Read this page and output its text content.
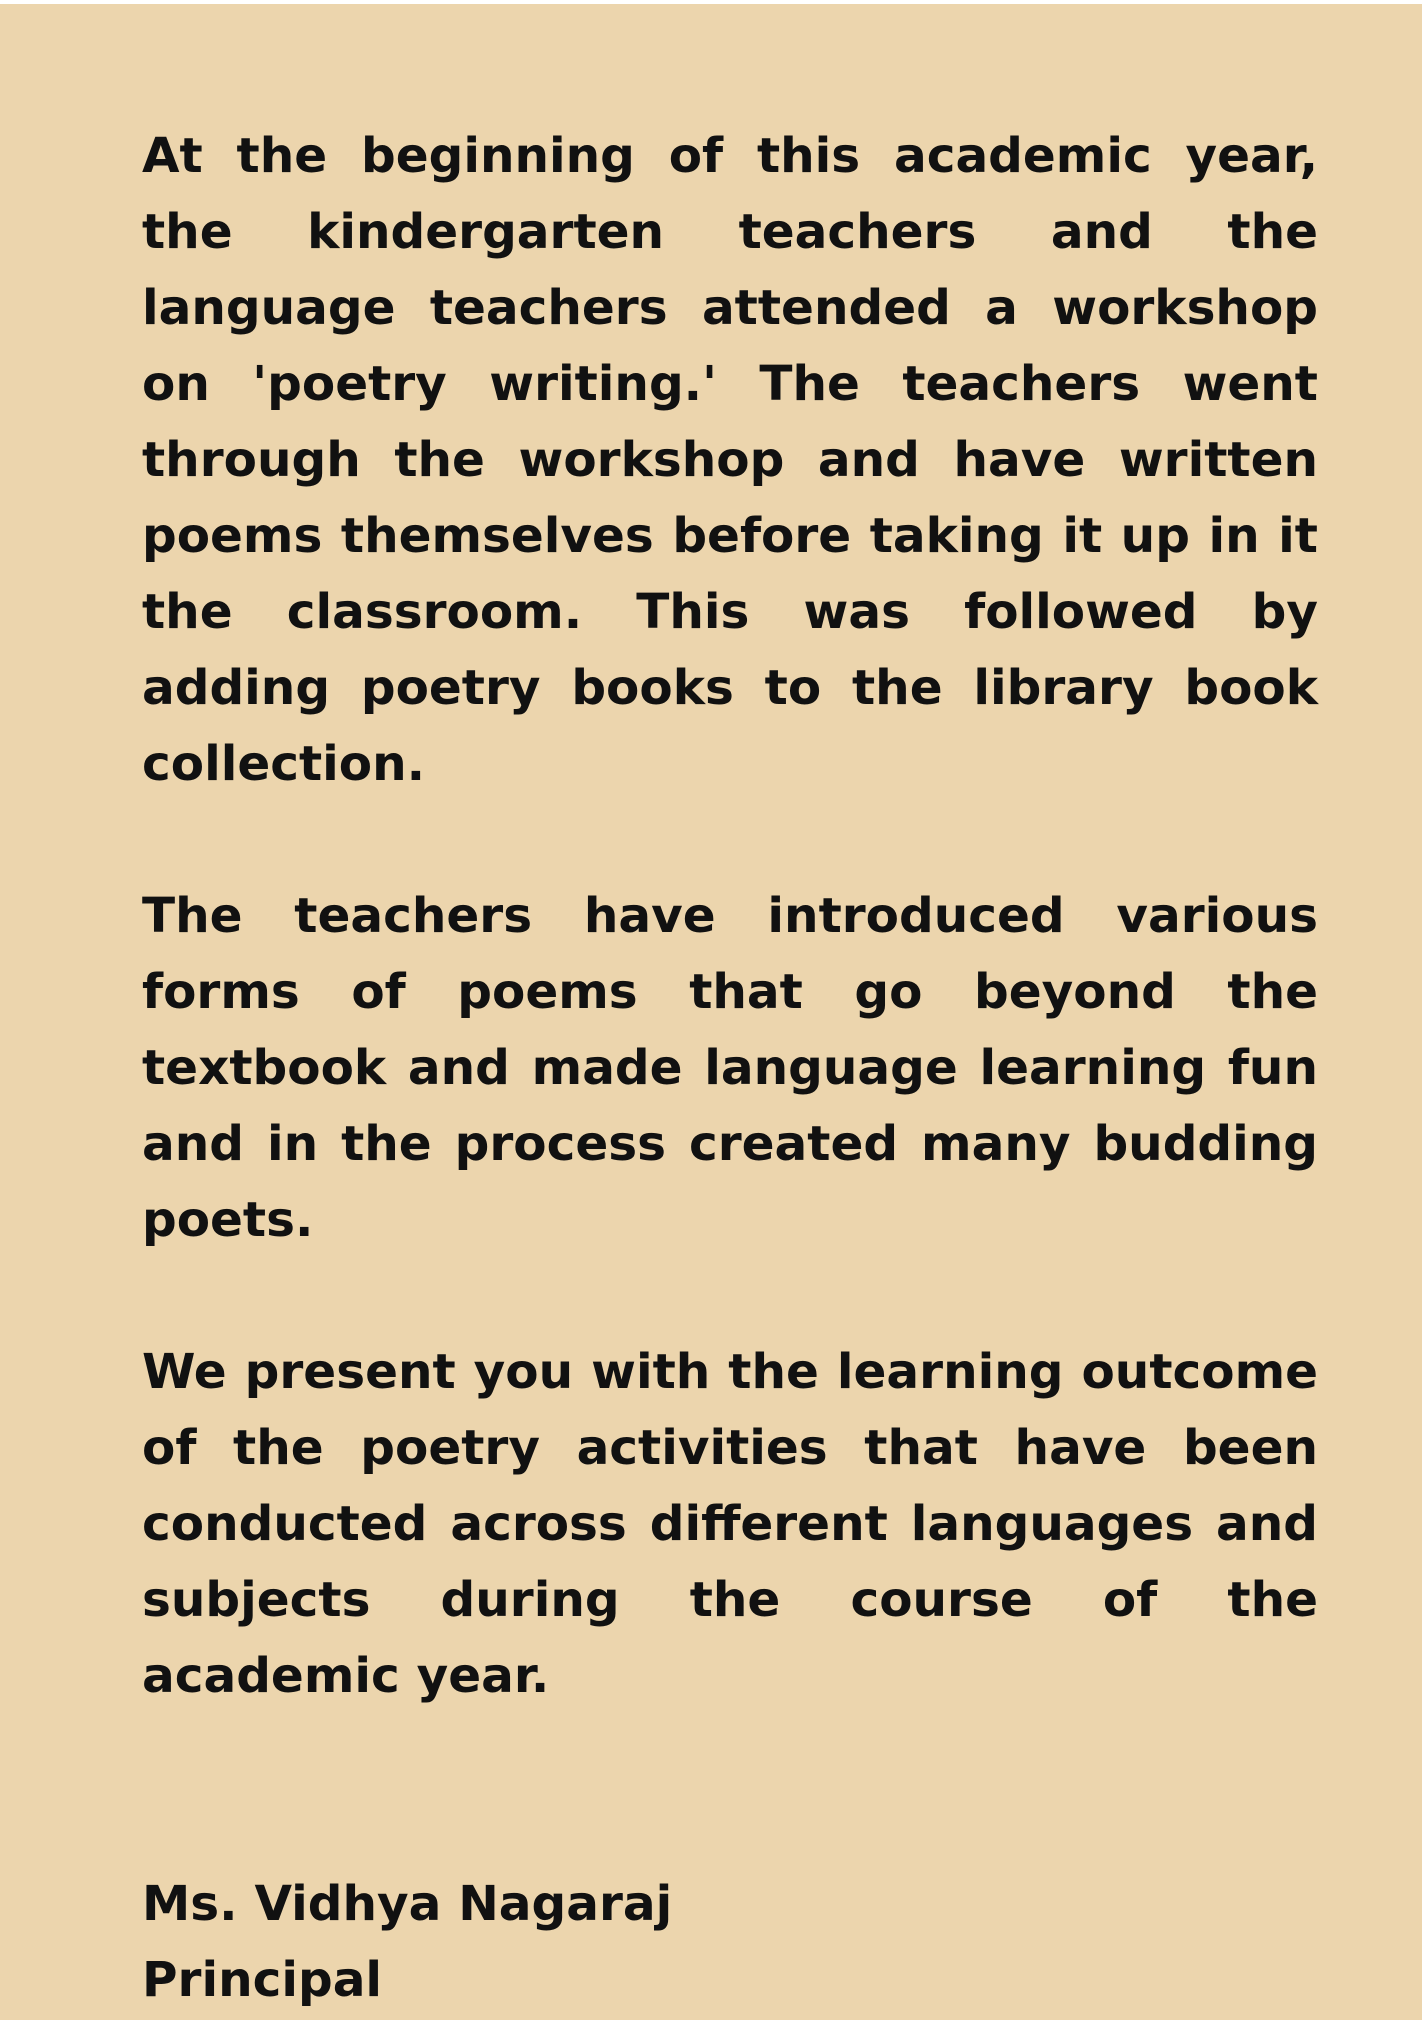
At the beginning of this academic year, the kindergarten teachers and the language teachers attended a workshop on 'poetry writing.' The teachers went through the workshop and have written poems themselves before taking it up in it the classroom. This was followed by adding poetry books to the library book collection.

The teachers have introduced various forms of poems that go beyond the textbook and made language learning fun and in the process created many budding poets.

We present you with the learning outcome of the poetry activities that have been conducted across different languages and subjects during the course of the academic year.

Ms. Vidhya Nagaraj
Principal
